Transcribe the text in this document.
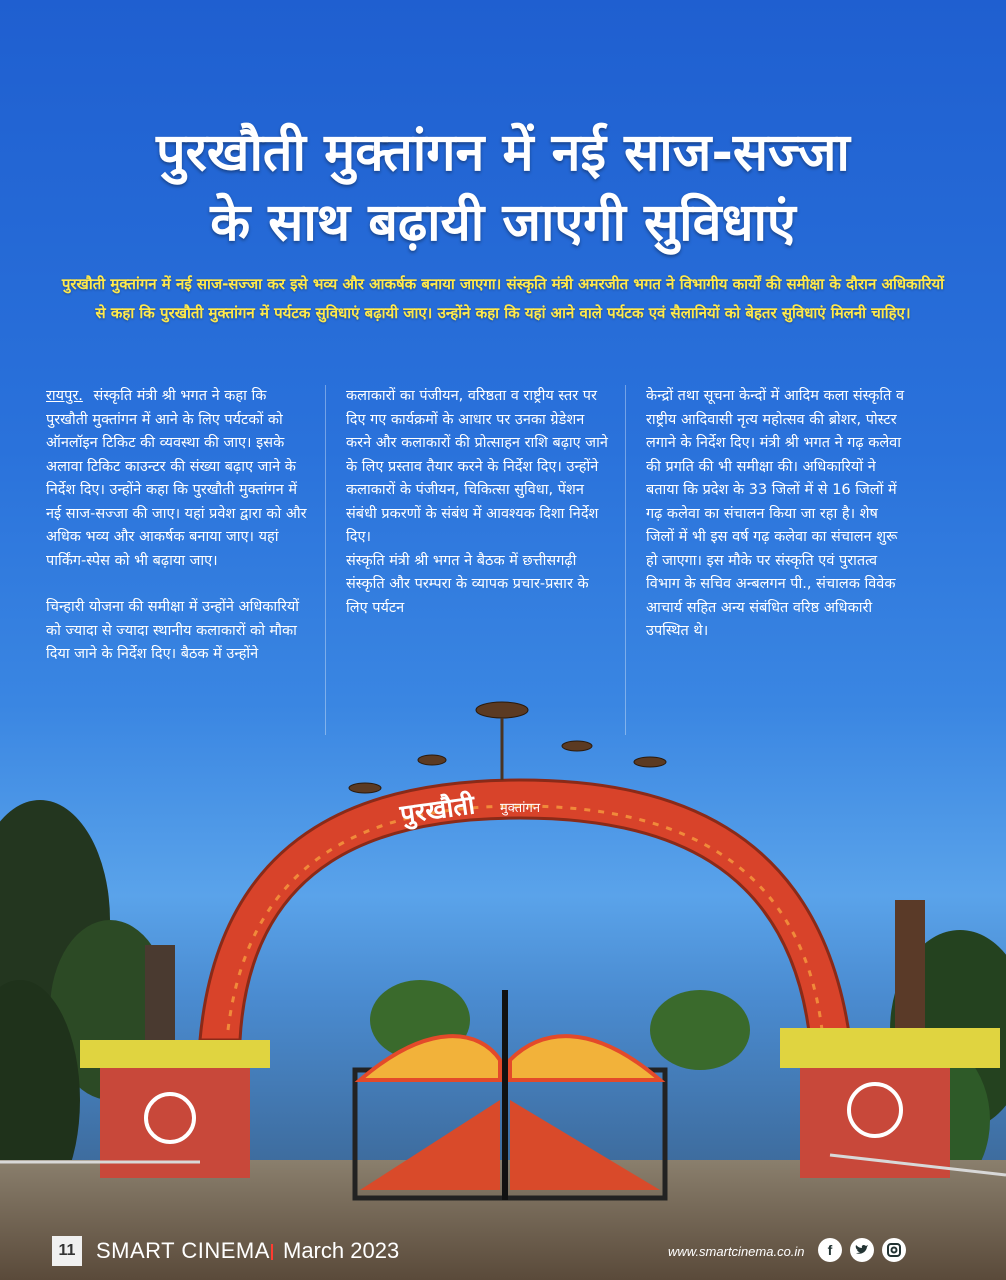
पुरखौती मुक्तांगन में नई साज-सज्जा
के साथ बढ़ायी जाएगी सुविधाएं

पुरखौती मुक्तांगन में नई साज-सज्जा कर इसे भव्य और आकर्षक बनाया जाएगा। संस्कृति मंत्री अमरजीत भगत ने विभागीय कार्यों की समीक्षा के दौरान अधिकारियों से कहा कि पुरखौती मुक्तांगन में पर्यटक सुविधाएं बढ़ायी जाए। उन्होंने कहा कि यहां आने वाले पर्यटक एवं सैलानियों को बेहतर सुविधाएं मिलनी चाहिए।

रायपुर. संस्कृति मंत्री श्री भगत ने कहा कि पुरखौती मुक्तांगन में आने के लिए पर्यटकों को ऑनलॉइन टिकिट की व्यवस्था की जाए। इसके अलावा टिकिट काउन्टर की संख्या बढ़ाए जाने के निर्देश दिए। उन्होंने कहा कि पुरखौती मुक्तांगन में नई साज-सज्जा की जाए। यहां प्रवेश द्वारा को और अधिक भव्य और आकर्षक बनाया जाए। यहां पार्किंग-स्पेस को भी बढ़ाया जाए।

चिन्हारी योजना की समीक्षा में उन्होंने अधिकारियों को ज्यादा से ज्यादा स्थानीय कलाकारों को मौका दिया जाने के निर्देश दिए। बैठक में उन्होंने

कलाकारों का पंजीयन, वरिष्ठता व राष्ट्रीय स्तर पर दिए गए कार्यक्रमों के आधार पर उनका ग्रेडेशन करने और कलाकारों की प्रोत्साहन राशि बढ़ाए जाने के लिए प्रस्ताव तैयार करने के निर्देश दिए। उन्होंने कलाकारों के पंजीयन, चिकित्सा सुविधा, पेंशन संबंधी प्रकरणों के संबंध में आवश्यक दिशा निर्देश दिए।

संस्कृति मंत्री श्री भगत ने बैठक में छत्तीसगढ़ी संस्कृति और परम्परा के व्यापक प्रचार-प्रसार के लिए पर्यटन

केन्द्रों तथा सूचना केन्दों में आदिम कला संस्कृति व राष्ट्रीय आदिवासी नृत्य महोत्सव की ब्रोशर, पोस्टर लगाने के निर्देश दिए। मंत्री श्री भगत ने गढ़ कलेवा की प्रगति की भी समीक्षा की। अधिकारियों ने बताया कि प्रदेश के 33 जिलों में से 16 जिलों में गढ़ कलेवा का संचालन किया जा रहा है। शेष जिलों में भी इस वर्ष गढ़ कलेवा का संचालन शुरू हो जाएगा। इस मौके पर संस्कृति एवं पुरातत्व विभाग के सचिव अन्बलगन पी., संचालक विवेक आचार्य सहित अन्य संबंधित वरिष्ठ अधिकारी उपस्थित थे।

पुरखौती मुक्तांगन
11 SMART CINEMA March 2023	www.smartcinema.co.in	f
